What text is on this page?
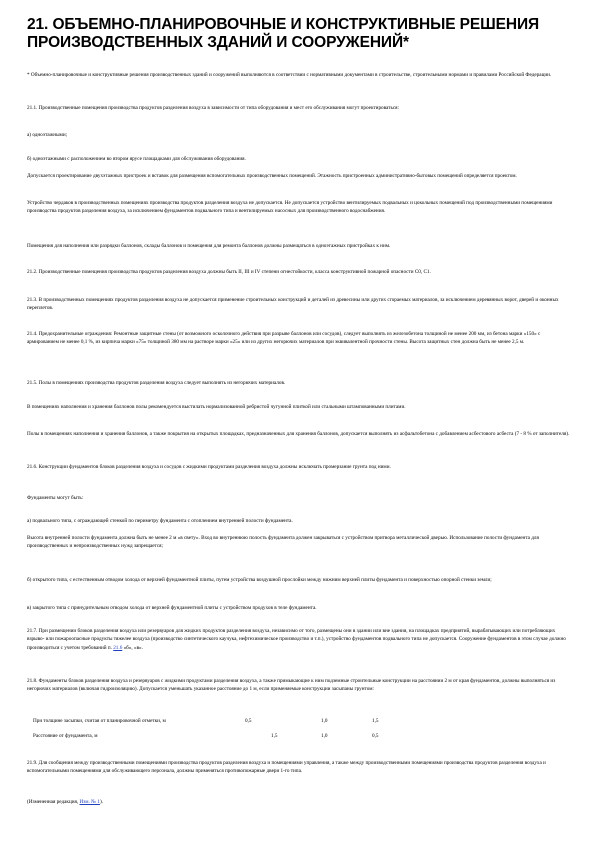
21. ОБЪЕМНО-ПЛАНИРОВОЧНЫЕ И КОНСТРУКТИВНЫЕ РЕШЕНИЯ ПРОИЗВОДСТВЕННЫХ ЗДАНИЙ И СООРУЖЕНИЙ*

* Объемно-планировочные и конструктивные решения производственных зданий и сооружений выполняются в соответствии с нормативными документами в строительстве, строительными нормами и правилами Российской Федерации.

21.1. Производственные помещения производства продуктов разделения воздуха в зависимости от типа оборудования и мест его обслуживания могут проектироваться:

а) одноэтажными;

б) одноэтажными с расположением во втором ярусе площадками для обслуживания оборудования.

Допускается проектирование двухэтажных пристроек и вставок для размещения вспомогательных производственных помещений. Этажность пристроенных административно-бытовых помещений определяется проектом.

Устройство чердаков в производственных помещениях производства продуктов разделения воздуха не допускается. Не допускается устройство вентилируемых подвальных и цокольных помещений под производственными помещениями производства продуктов разделения воздуха, за исключением фундаментов подвального типа и вентилируемых насосных для производственного водоснабжения.

Помещения для наполнения или разрядки баллонов, склады баллонов и помещения для ремонта баллонов должны размещаться в одноэтажных пристройках к ним.

21.2. Производственные помещения производства продуктов разделения воздуха должны быть II, III и IV степени огнестойкости, класса конструктивной пожарной опасности С0, С1.

21.3. В производственных помещениях продуктов разделения воздуха не допускается применение строительных конструкций и деталей из древесины или других сгораемых материалов, за исключением деревянных ворот, дверей и оконных переплетов.

21.4. Предохранительные ограждения: Ремонтные защитные стены (от возможного осколочного действия при разрыве баллонов или сосудов), следует выполнять из железобетона толщиной не менее 200 мм, из бетона марки «150» с армированием не менее 0,1 %, из кирпича марки «75» толщиной 380 мм на растворе марки «25» или из других негорючих материалов при эквивалентной прочности стены. Высота защитных стен должна быть не менее 2,5 м.

21.5. Полы в помещениях производства продуктов разделения воздуха следует выполнять из негорючих материалов.

В помещениях наполнения и хранения баллонов полы рекомендуется выстилать нормализованной ребристой чугунной плиткой или стальными штампованными плитами.

Полы в помещениях наполнения и хранения баллонов, а также покрытия на открытых площадках, предназначенных для хранения баллонов, допускается выполнять из асфальтобетона с добавлением асбестового асбеста (7 - 8 % от заполнителя).

21.6. Конструкции фундаментов блоков разделения воздуха и сосудов с жидкими продуктами разделения воздуха должны исключать промерзание грунта под ними.

Фундаменты могут быть:

а) подвального типа, с ограждающей стенкой по периметру фундамента с отоплением внутренней полости фундамента.

Высота внутренней полости фундамента должна быть не менее 2 м «в свету». Вход во внутреннюю полость фундамента должен закрываться с устройством притвора металлической дверью. Использование полости фундамента для производственных и непроизводственных нужд запрещается;

б) открытого типа, с естественным отводом холода от верхней фундаментной плиты, путем устройства воздушной прослойки между нижним верхней плиты фундамента и поверхностью опорной стенки земли;

в) закрытого типа с принудительным отводом холода от верхней фундаментной плиты с устройством продухов в теле фундамента.

21.7. При размещении блоков разделения воздуха или резервуаров для жидких продуктов разделения воздуха, независимо от того, размещены они в здании или вне здания, на площадках предприятий, вырабатывающих или потребляющих взрыво- или пожароопасные продукты тяжелее воздуха (производство синтетического каучука, нефтехимическое производство и т.п.), устройство фундаментов подвального типа не допускается. Сооружение фундаментов в этом случае должно производиться с учетом требований п. 21.6 «б», «в».

21.8. Фундаменты блоков разделения воздуха и резервуаров с жидкими продуктами разделения воздуха, а также примыкающие к ним подземные строительные конструкции на расстоянии 2 м от края фундаментов, должны выполняться из негорючих материалов (включая гидроизоляцию). Допускается уменьшать указанное расстояние до 1 м, если применяемые конструкции засыпаны грунтом:

21.9. Для сообщения между производственными помещениями производства продуктов разделения воздуха и помещениями управления, а также между производственными помещениями производства продуктов разделения воздуха и вспомогательными помещениями для обслуживающего персонала, должны применяться противопожарные двери 1-го типа.

(Измененная редакция, Изм. № 1).

При толщине засыпки, считая от планировочной отметки, м	0,5	1,0	1,5
Расстояние от фундамента, м	1,5	1,0	0,5
